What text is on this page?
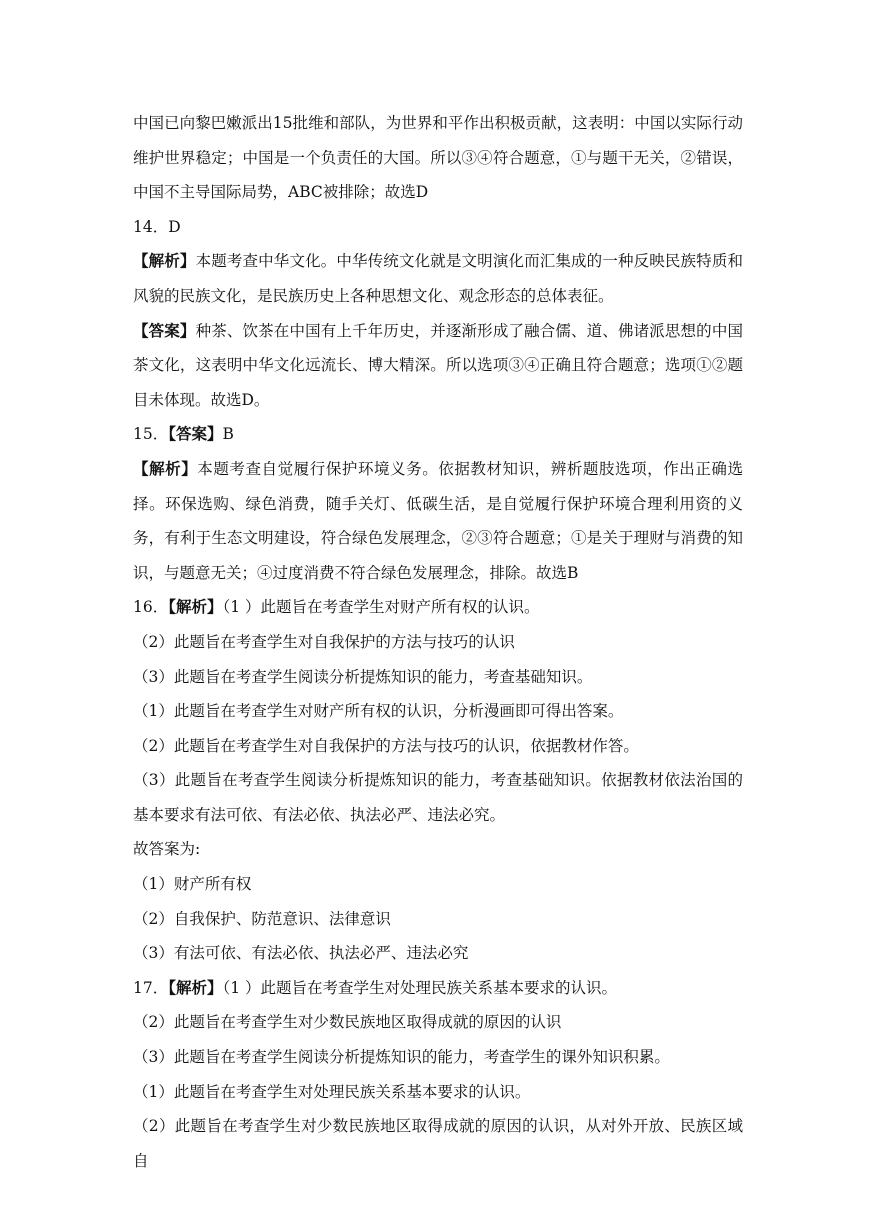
中国已向黎巴嫩派出15批维和部队，为世界和平作出积极贡献，这表明：中国以实际行动维护世界稳定；中国是一个负责任的大国。所以③④符合题意，①与题干无关，②错误，中国不主导国际局势，ABC被排除；故选D

14．D

【解析】本题考查中华文化。中华传统文化就是文明演化而汇集成的一种反映民族特质和风貌的民族文化，是民族历史上各种思想文化、观念形态的总体表征。

【答案】种茶、饮茶在中国有上千年历史，并逐渐形成了融合儒、道、佛诸派思想的中国茶文化，这表明中华文化远流长、博大精深。所以选项③④正确且符合题意；选项①②题目未体现。故选D。

15．【答案】B

【解析】本题考查自觉履行保护环境义务。依据教材知识，辨析题肢选项，作出正确选择。环保选购、绿色消费，随手关灯、低碳生活，是自觉履行保护环境合理利用资的义务，有利于生态文明建设，符合绿色发展理念，②③符合题意；①是关于理财与消费的知识，与题意无关；④过度消费不符合绿色发展理念，排除。故选B

16．【解析】（1 ）此题旨在考查学生对财产所有权的认识。

（2）此题旨在考查学生对自我保护的方法与技巧的认识

（3）此题旨在考查学生阅读分析提炼知识的能力，考查基础知识。

（1）此题旨在考查学生对财产所有权的认识，分析漫画即可得出答案。

（2）此题旨在考查学生对自我保护的方法与技巧的认识，依据教材作答。

（3）此题旨在考查学生阅读分析提炼知识的能力，考查基础知识。依据教材依法治国的基本要求有法可依、有法必依、执法必严、违法必究。

故答案为:

（1）财产所有权

（2）自我保护、防范意识、法律意识

（3）有法可依、有法必依、执法必严、违法必究

17．【解析】（1 ）此题旨在考查学生对处理民族关系基本要求的认识。

（2）此题旨在考查学生对少数民族地区取得成就的原因的认识

（3）此题旨在考查学生阅读分析提炼知识的能力，考查学生的课外知识积累。

（1）此题旨在考查学生对处理民族关系基本要求的认识。

（2）此题旨在考查学生对少数民族地区取得成就的原因的认识，从对外开放、民族区域自
